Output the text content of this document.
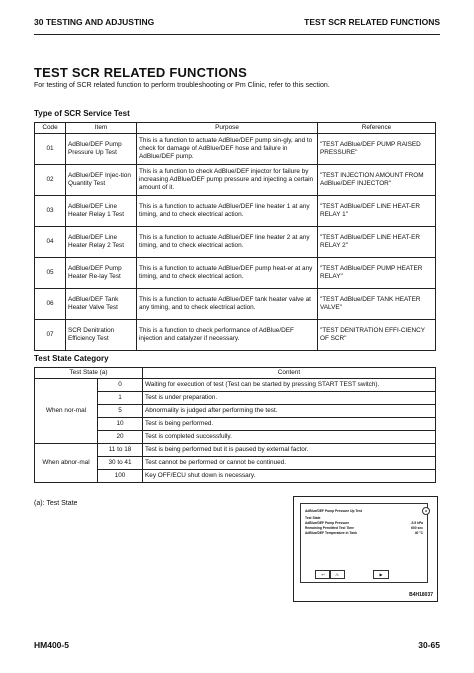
30 TESTING AND ADJUSTING	TEST SCR RELATED FUNCTIONS
TEST SCR RELATED FUNCTIONS
For testing of SCR related function to perform troubleshooting or Pm Clinic, refer to this section.
Type of SCR Service Test
Code	Item	Purpose	Reference
01	AdBlue/DEF Pump Pressure Up Test	This is a function to actuate AdBlue/DEF pump sin-gly, and to check for damage of AdBlue/DEF hose and failure in AdBlue/DEF pump.	"TEST AdBlue/DEF PUMP RAISED PRESSURE"
02	AdBlue/DEF Injec-tion Quantity Test	This is a function to check AdBlue/DEF injector for failure by increasing AdBlue/DEF pump pressure and injecting a certain amount of it.	"TEST INJECTION AMOUNT FROM AdBlue/DEF INJECTOR"
03	AdBlue/DEF Line Heater Relay 1 Test	This is a function to actuate AdBlue/DEF line heater 1 at any timing, and to check electrical action.	"TEST AdBlue/DEF LINE HEAT-ER RELAY 1"
04	AdBlue/DEF Line Heater Relay 2 Test	This is a function to actuate AdBlue/DEF line heater 2 at any timing, and to check electrical action.	"TEST AdBlue/DEF LINE HEAT-ER RELAY 2"
05	AdBlue/DEF Pump Heater Re-lay Test	This is a function to actuate AdBlue/DEF pump heat-er at any timing, and to check electrical action.	"TEST AdBlue/DEF PUMP HEATER RELAY"
06	AdBlue/DEF Tank Heater Valve Test	This is a function to actuate AdBlue/DEF tank heater valve at any timing, and to check electrical action.	"TEST AdBlue/DEF TANK HEATER VALVE"
07	SCR Denitration Efficiency Test	This is a function to check performance of AdBlue/DEF injection and catalyzer if necessary.	"TEST DENITRATION EFFI-CIENCY OF SCR"
Test State Category
Test State (a)		Content
When nor-mal	0	Waiting for execution of test (Test can be started by pressing START TEST switch).
	1	Test is under preparation.
	5	Abnormality is judged after performing the test.
	10	Test is being performed.
	20	Test is completed successfully.
When abnor-mal	11 to 18	Test is being performed but it is paused by external factor.
	30 to 41	Test cannot be performed or cannot be continued.
	100	Key OFF/ECU shut down is necessary.
(a): Test State
AdBlue/DEF Pump Pressure Up Test	a
Test State
AdBlue/DEF Pump Pressure	-5.5 kPa
Remaining Permitted Test Time	600 sec
AdBlue/DEF Temperature in Tank	40 °C
↩	⚠	▶
B4H18037
HM400-5	30-65
